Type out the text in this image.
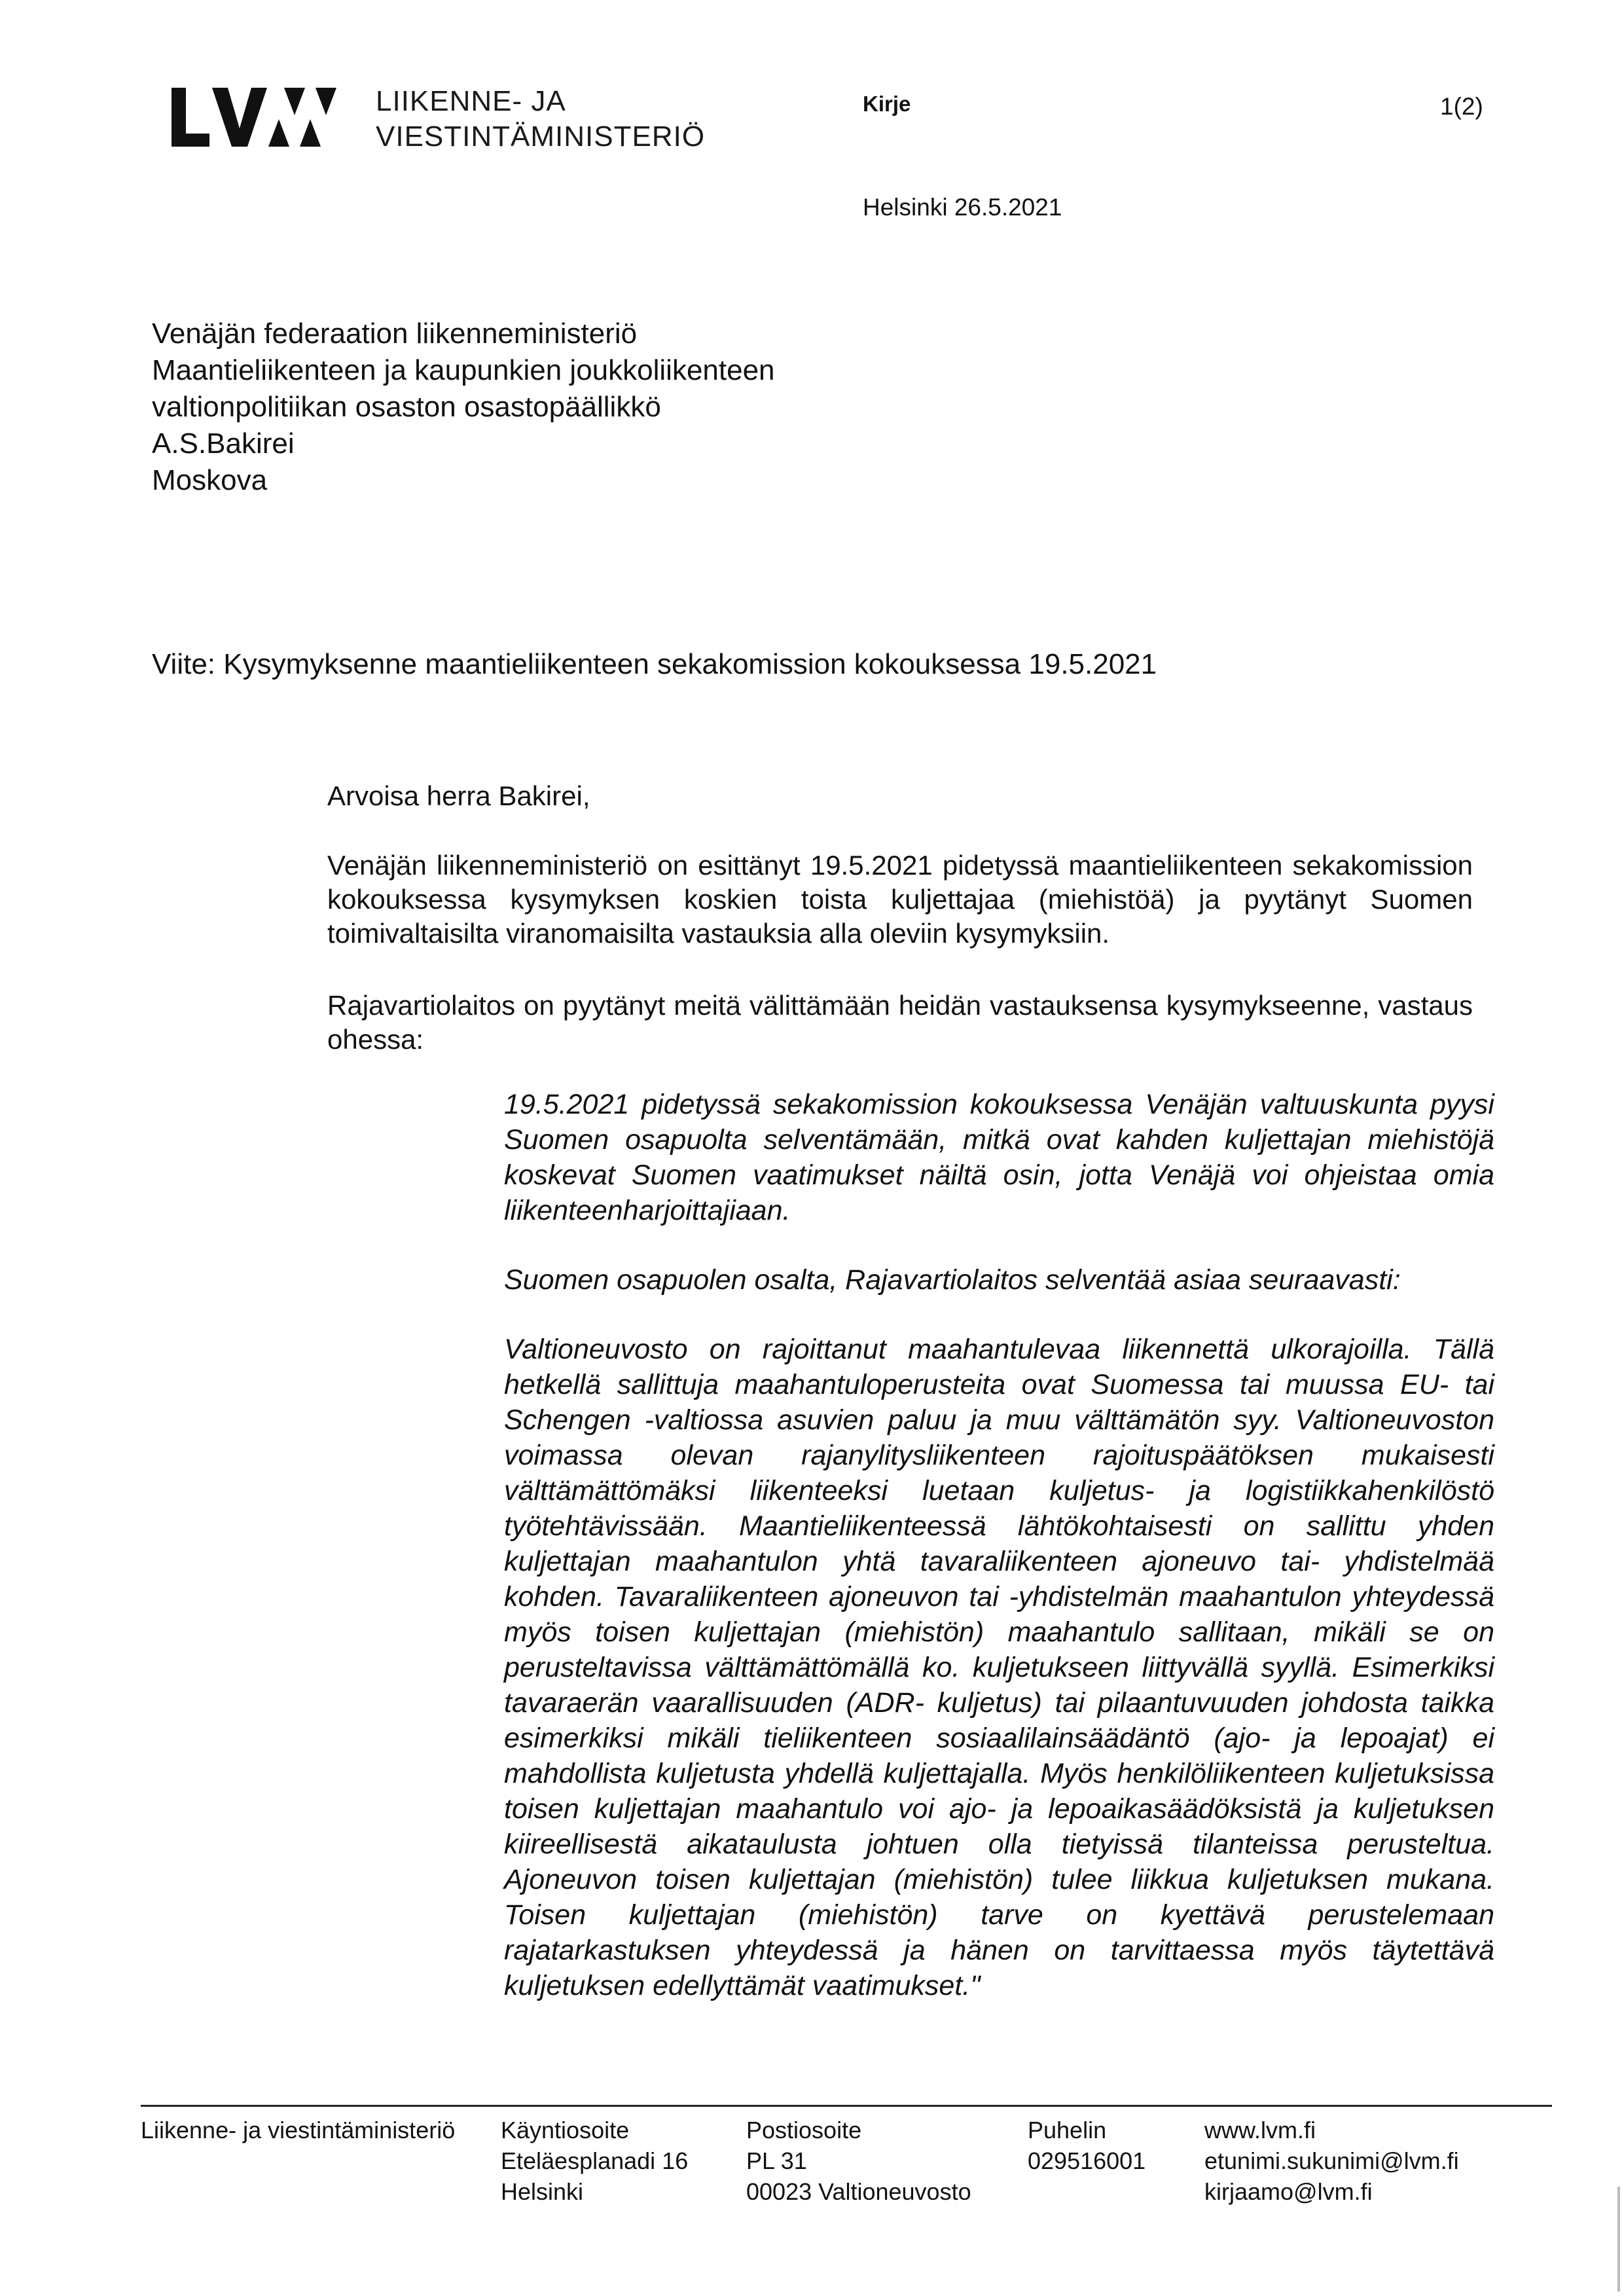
LIIKENNE- JA
VIESTINTÄMINISTERIÖ
Kirje	1(2)
Helsinki 26.5.2021
Venäjän federaation liikenneministeriö
Maantieliikenteen ja kaupunkien joukkoliikenteen
valtionpolitiikan osaston osastopäällikkö
A.S.Bakirei
Moskova
Viite: Kysymyksenne maantieliikenteen sekakomission kokouksessa 19.5.2021
Arvoisa herra Bakirei,
Venäjän liikenneministeriö on esittänyt 19.5.2021 pidetyssä maantieliikenteen sekakomission kokouksessa kysymyksen koskien toista kuljettajaa (miehistöä) ja pyytänyt Suomen toimivaltaisilta viranomaisilta vastauksia alla oleviin kysymyksiin.
Rajavartiolaitos on pyytänyt meitä välittämään heidän vastauksensa kysymykseenne, vastaus ohessa:
19.5.2021 pidetyssä sekakomission kokouksessa Venäjän valtuuskunta pyysi Suomen osapuolta selventämään, mitkä ovat kahden kuljettajan miehistöjä koskevat Suomen vaatimukset näiltä osin, jotta Venäjä voi ohjeistaa omia liikenteenharjoittajiaan.
Suomen osapuolen osalta, Rajavartiolaitos selventää asiaa seuraavasti:
Valtioneuvosto on rajoittanut maahantulevaa liikennettä ulkorajoilla. Tällä hetkellä sallittuja maahantuloperusteita ovat Suomessa tai muussa EU- tai Schengen -valtiossa asuvien paluu ja muu välttämätön syy. Valtioneuvoston voimassa olevan rajanylitysliikenteen rajoituspäätöksen mukaisesti välttämättömäksi liikenteeksi luetaan kuljetus- ja logistiikkahenkilöstö työtehtävissään. Maantieliikenteessä lähtökohtaisesti on sallittu yhden kuljettajan maahantulon yhtä tavaraliikenteen ajoneuvo tai- yhdistelmää kohden. Tavaraliikenteen ajoneuvon tai -yhdistelmän maahantulon yhteydessä myös toisen kuljettajan (miehistön) maahantulo sallitaan, mikäli se on perusteltavissa välttämättömällä ko. kuljetukseen liittyvällä syyllä. Esimerkiksi tavaraerän vaarallisuuden (ADR- kuljetus) tai pilaantuvuuden johdosta taikka esimerkiksi mikäli tieliikenteen sosiaalilainsäädäntö (ajo- ja lepoajat) ei mahdollista kuljetusta yhdellä kuljettajalla. Myös henkilöliikenteen kuljetuksissa toisen kuljettajan maahantulo voi ajo- ja lepoaikasäädöksistä ja kuljetuksen kiireellisestä aikataulusta johtuen olla tietyissä tilanteissa perusteltua. Ajoneuvon toisen kuljettajan (miehistön) tulee liikkua kuljetuksen mukana. Toisen kuljettajan (miehistön) tarve on kyettävä perustelemaan rajatarkastuksen yhteydessä ja hänen on tarvittaessa myös täytettävä kuljetuksen edellyttämät vaatimukset."
Liikenne- ja viestintäministeriö Käyntiosoite
Eteläesplanadi 16
Helsinki
Postiosoite
PL 31
00023 Valtioneuvosto
Puhelin
029516001
www.lvm.fi
etunimi.sukunimi@lvm.fi
kirjaamo@lvm.fi
